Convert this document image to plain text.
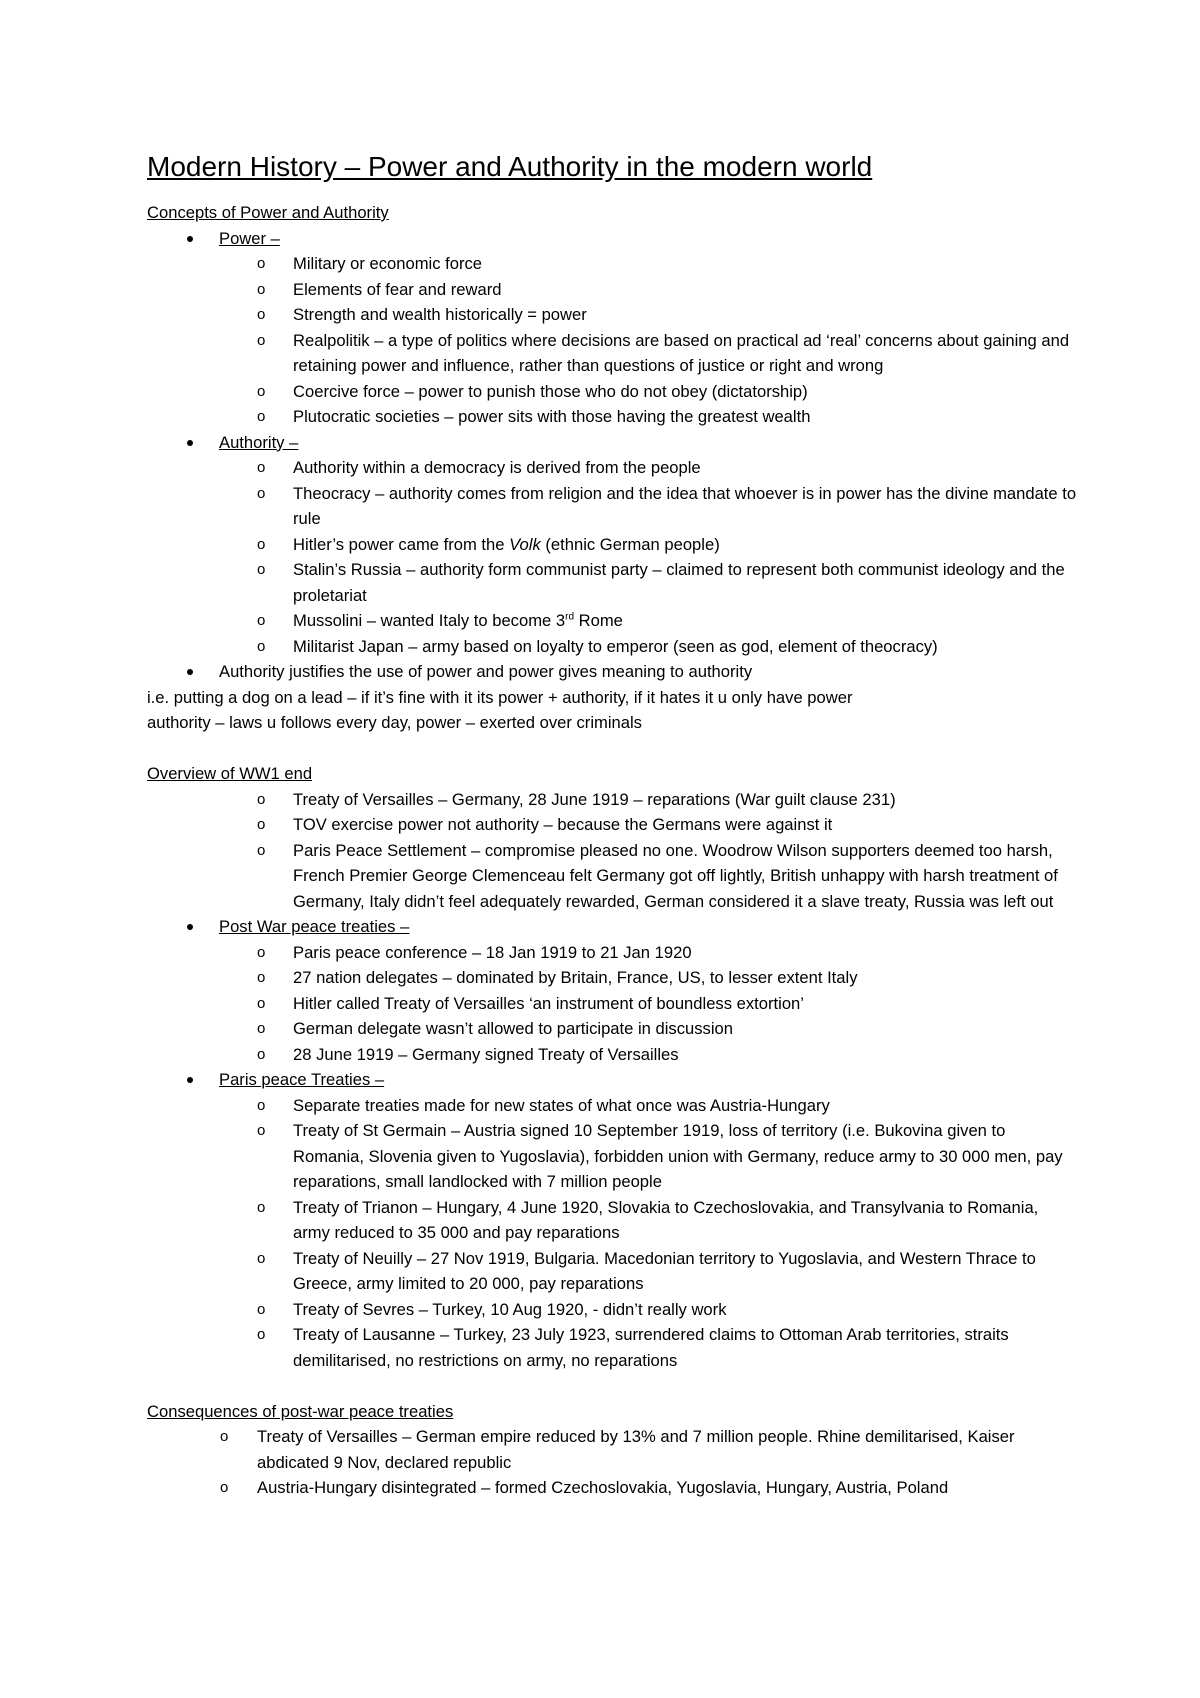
Modern History – Power and Authority in the modern world
Concepts of Power and Authority
Power –
o Military or economic force
o Elements of fear and reward
o Strength and wealth historically = power
o Realpolitik – a type of politics where decisions are based on practical ad ‘real’ concerns about gaining and retaining power and influence, rather than questions of justice or right and wrong
o Coercive force – power to punish those who do not obey (dictatorship)
o Plutocratic societies – power sits with those having the greatest wealth
Authority –
o Authority within a democracy is derived from the people
o Theocracy – authority comes from religion and the idea that whoever is in power has the divine mandate to rule
o Hitler’s power came from the Volk (ethnic German people)
o Stalin’s Russia – authority form communist party – claimed to represent both communist ideology and the proletariat
o Mussolini – wanted Italy to become 3rd Rome
o Militarist Japan – army based on loyalty to emperor (seen as god, element of theocracy)
Authority justifies the use of power and power gives meaning to authority

i.e. putting a dog on a lead – if it’s fine with it its power + authority, if it hates it u only have power

authority – laws u follows every day, power – exerted over criminals

Overview of WW1 end
o Treaty of Versailles – Germany, 28 June 1919 – reparations (War guilt clause 231)
o TOV exercise power not authority – because the Germans were against it
o Paris Peace Settlement – compromise pleased no one. Woodrow Wilson supporters deemed too harsh, French Premier George Clemenceau felt Germany got off lightly, British unhappy with harsh treatment of Germany, Italy didn’t feel adequately rewarded, German considered it a slave treaty, Russia was left out
Post War peace treaties –
o Paris peace conference – 18 Jan 1919 to 21 Jan 1920
o 27 nation delegates – dominated by Britain, France, US, to lesser extent Italy
o Hitler called Treaty of Versailles ‘an instrument of boundless extortion’
o German delegate wasn’t allowed to participate in discussion
o 28 June 1919 – Germany signed Treaty of Versailles
Paris peace Treaties –
o Separate treaties made for new states of what once was Austria-Hungary
o Treaty of St Germain – Austria signed 10 September 1919, loss of territory (i.e. Bukovina given to Romania, Slovenia given to Yugoslavia), forbidden union with Germany, reduce army to 30 000 men, pay reparations, small landlocked with 7 million people
o Treaty of Trianon – Hungary, 4 June 1920, Slovakia to Czechoslovakia, and Transylvania to Romania, army reduced to 35 000 and pay reparations
o Treaty of Neuilly – 27 Nov 1919, Bulgaria. Macedonian territory to Yugoslavia, and Western Thrace to Greece, army limited to 20 000, pay reparations
o Treaty of Sevres – Turkey, 10 Aug 1920, - didn’t really work
o Treaty of Lausanne – Turkey, 23 July 1923, surrendered claims to Ottoman Arab territories, straits demilitarised, no restrictions on army, no reparations
Consequences of post-war peace treaties
o Treaty of Versailles – German empire reduced by 13% and 7 million people. Rhine demilitarised, Kaiser abdicated 9 Nov, declared republic
o Austria-Hungary disintegrated – formed Czechoslovakia, Yugoslavia, Hungary, Austria, Poland
